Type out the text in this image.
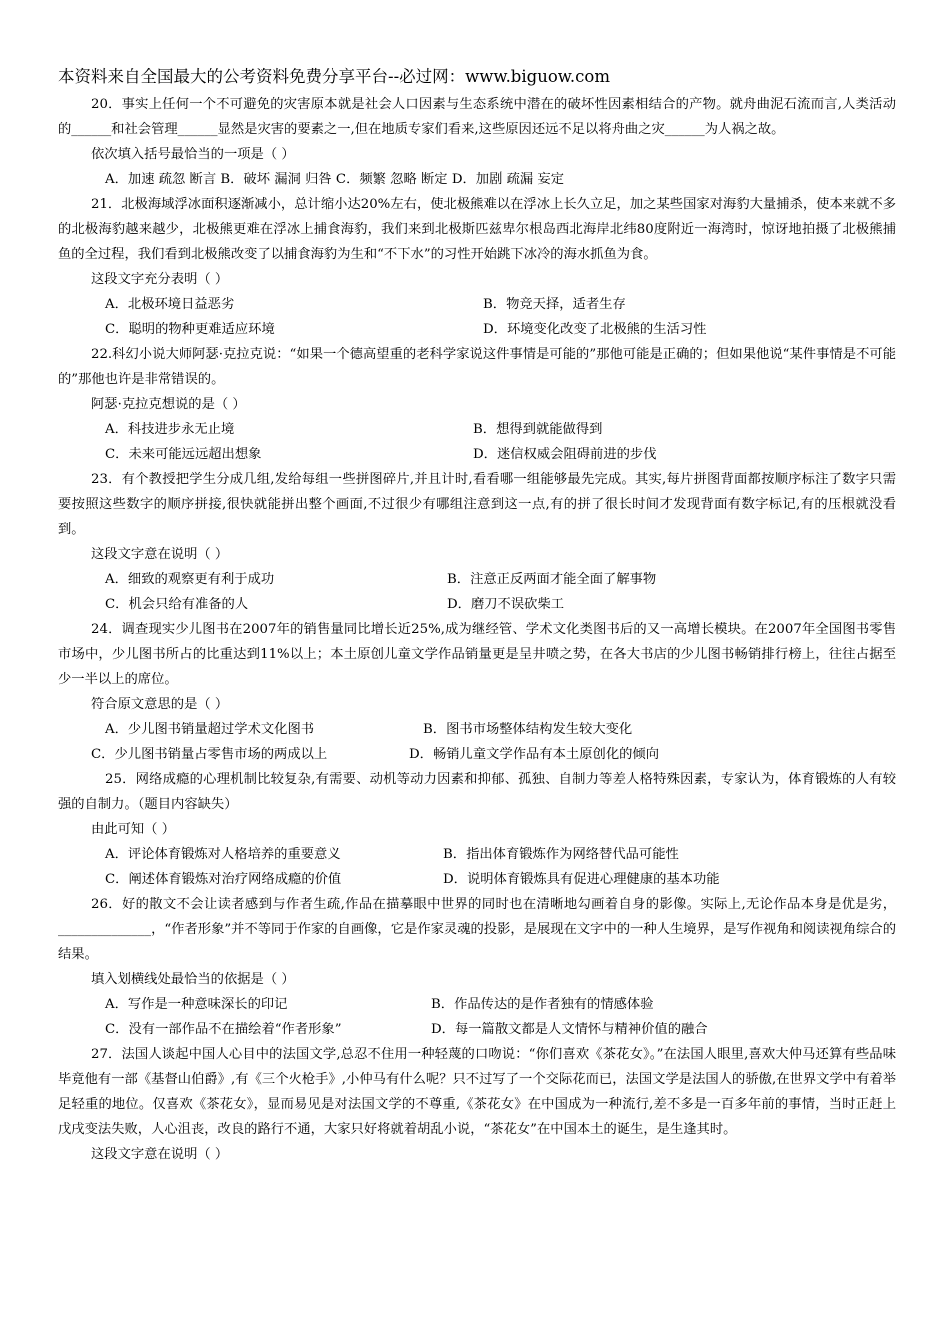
本资料来自全国最大的公考资料免费分享平台--必过网：www.biguow.com

20．事实上任何一个不可避免的灾害原本就是社会人口因素与生态系统中潜在的破坏性因素相结合的产物。就舟曲泥石流而言,人类活动的______和社会管理______显然是灾害的要素之一,但在地质专家们看来,这些原因还远不足以将舟曲之灾______为人祸之故。

依次填入括号最恰当的一项是（ ）

A．加速 疏忽 断言 B．破坏 漏洞 归咎 C．频繁 忽略 断定 D．加剧 疏漏 妄定

21．北极海域浮冰面积逐渐减小，总计缩小达20%左右，使北极熊难以在浮冰上长久立足，加之某些国家对海豹大量捕杀，使本来就不多的北极海豹越来越少，北极熊更难在浮冰上捕食海豹，我们来到北极斯匹兹卑尔根岛西北海岸北纬80度附近一海湾时，惊讶地拍摄了北极熊捕鱼的全过程，我们看到北极熊改变了以捕食海豹为生和“不下水”的习性开始跳下冰冷的海水抓鱼为食。

这段文字充分表明（ ）

A．北极环境日益恶劣	B．物竞天择，适者生存
C．聪明的物种更难适应环境	D．环境变化改变了北极熊的生活习性

22.科幻小说大师阿瑟·克拉克说：“如果一个德高望重的老科学家说这件事情是可能的”那他可能是正确的；但如果他说“某件事情是不可能的”那他也许是非常错误的。

阿瑟·克拉克想说的是（ ）

A．科技进步永无止境	B．想得到就能做得到
C．未来可能远远超出想象	D．迷信权威会阻碍前进的步伐

23．有个教授把学生分成几组,发给每组一些拼图碎片,并且计时,看看哪一组能够最先完成。其实,每片拼图背面都按顺序标注了数字只需要按照这些数字的顺序拼接,很快就能拼出整个画面,不过很少有哪组注意到这一点,有的拼了很长时间才发现背面有数字标记,有的压根就没看到。

这段文字意在说明（ ）

A．细致的观察更有利于成功	B．注意正反两面才能全面了解事物
C．机会只给有准备的人	D．磨刀不误砍柴工

24．调查现实少儿图书在2007年的销售量同比增长近25%,成为继经管、学术文化类图书后的又一高增长模块。在2007年全国图书零售市场中，少儿图书所占的比重达到11%以上；本土原创儿童文学作品销量更是呈井喷之势，在各大书店的少儿图书畅销排行榜上，往往占据至少一半以上的席位。

符合原文意思的是（ ）

A．少儿图书销量超过学术文化图书	B．图书市场整体结构发生较大变化
C．少儿图书销量占零售市场的两成以上	D．畅销儿童文学作品有本土原创化的倾向

25．网络成瘾的心理机制比较复杂,有需要、动机等动力因素和抑郁、孤独、自制力等差人格特殊因素，专家认为，体育锻炼的人有较强的自制力。（题目内容缺失）

由此可知（ ）

A．评论体育锻炼对人格培养的重要意义	B．指出体育锻炼作为网络替代品可能性
C．阐述体育锻炼对治疗网络成瘾的价值	D．说明体育锻炼具有促进心理健康的基本功能

26．好的散文不会让读者感到与作者生疏,作品在描摹眼中世界的同时也在清晰地勾画着自身的影像。实际上,无论作品本身是优是劣，______________，“作者形象”并不等同于作家的自画像，它是作家灵魂的投影，是展现在文字中的一种人生境界，是写作视角和阅读视角综合的结果。

填入划横线处最恰当的依据是（ ）

A．写作是一种意味深长的印记	B．作品传达的是作者独有的情感体验
C．没有一部作品不在描绘着“作者形象”	D．每一篇散文都是人文情怀与精神价值的融合

27．法国人谈起中国人心目中的法国文学,总忍不住用一种轻蔑的口吻说：“你们喜欢《茶花女》。”在法国人眼里,喜欢大仲马还算有些品味毕竟他有一部《基督山伯爵》,有《三个火枪手》,小仲马有什么呢？只不过写了一个交际花而已，法国文学是法国人的骄傲,在世界文学中有着举足轻重的地位。仅喜欢《茶花女》，显而易见是对法国文学的不尊重,《茶花女》在中国成为一种流行,差不多是一百多年前的事情，当时正赶上戊戌变法失败，人心沮丧，改良的路行不通，大家只好将就着胡乱小说，“茶花女”在中国本土的诞生，是生逢其时。

这段文字意在说明（ ）
